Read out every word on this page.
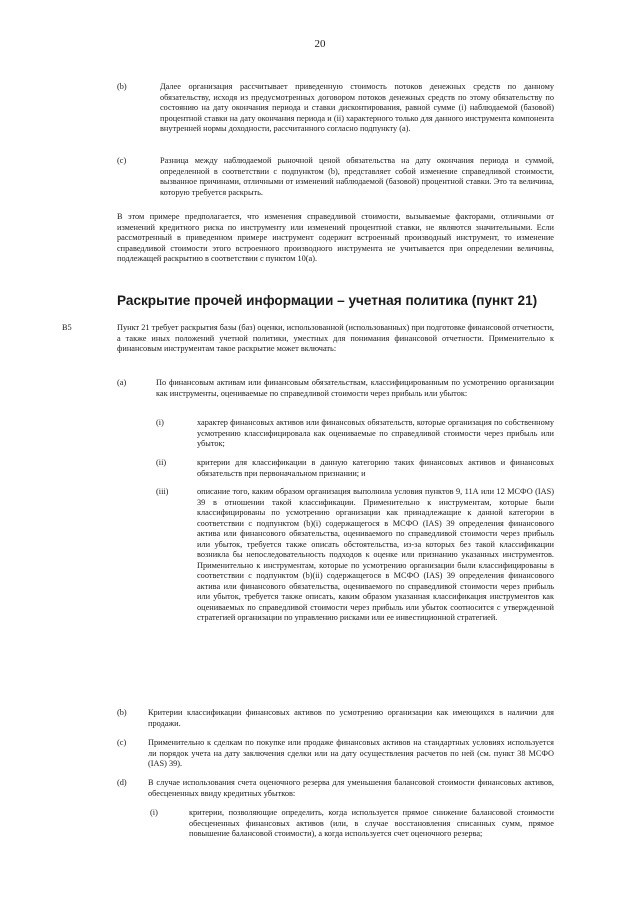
20
(b)	Далее организация рассчитывает приведенную стоимость потоков денежных средств по данному обязательству, исходя из предусмотренных договором потоков денежных средств по этому обязательству по состоянию на дату окончания периода и ставки дисконтирования, равной сумме (i) наблюдаемой (базовой) процентной ставки на дату окончания периода и (ii) характерного только для данного инструмента компонента внутренней нормы доходности, рассчитанного согласно подпункту (a).
(c)	Разница между наблюдаемой рыночной ценой обязательства на дату окончания периода и суммой, определенной в соответствии с подпунктом (b), представляет собой изменение справедливой стоимости, вызванное причинами, отличными от изменений наблюдаемой (базовой) процентной ставки. Это та величина, которую требуется раскрыть.
В этом примере предполагается, что изменения справедливой стоимости, вызываемые факторами, отличными от изменений кредитного риска по инструменту или изменений процентной ставки, не являются значительными. Если рассмотренный в приведенном примере инструмент содержит встроенный производный инструмент, то изменение справедливой стоимости этого встроенного производного инструмента не учитывается при определении величины, подлежащей раскрытию в соответствии с пунктом 10(a).
Раскрытие прочей информации – учетная политика (пункт 21)
B5	Пункт 21 требует раскрытия базы (баз) оценки, использованной (использованных) при подготовке финансовой отчетности, а также иных положений учетной политики, уместных для понимания финансовой отчетности. Применительно к финансовым инструментам такое раскрытие может включать:
(a)	По финансовым активам или финансовым обязательствам, классифицированным по усмотрению организации как инструменты, оцениваемые по справедливой стоимости через прибыль или убыток:
(i)	характер финансовых активов или финансовых обязательств, которые организация по собственному усмотрению классифицировала как оцениваемые по справедливой стоимости через прибыль или убыток;
(ii)	критерии для классификации в данную категорию таких финансовых активов и финансовых обязательств при первоначальном признании; и
(iii)	описание того, каким образом организация выполнила условия пунктов 9, 11А или 12 МСФО (IAS) 39 в отношении такой классификации. Применительно к инструментам, которые были классифицированы по усмотрению организации как принадлежащие к данной категории в соответствии с подпунктом (b)(i) содержащегося в МСФО (IAS) 39 определения финансового актива или финансового обязательства, оцениваемого по справедливой стоимости через прибыль или убыток, требуется также описать обстоятельства, из-за которых без такой классификации возникла бы непоследовательность подходов к оценке или признанию указанных инструментов. Применительно к инструментам, которые по усмотрению организации были классифицированы в соответствии с подпунктом (b)(ii) содержащегося в МСФО (IAS) 39 определения финансового актива или финансового обязательства, оцениваемого по справедливой стоимости через прибыль или убыток, требуется также описать, каким образом указанная классификация инструментов как оцениваемых по справедливой стоимости через прибыль или убыток соотносится с утвержденной стратегией организации по управлению рисками или ее инвестиционной стратегией.
(b)	Критерии классификации финансовых активов по усмотрению организации как имеющихся в наличии для продажи.
(c)	Применительно к сделкам по покупке или продаже финансовых активов на стандартных условиях используется ли порядок учета на дату заключения сделки или на дату осуществления расчетов по ней (см. пункт 38 МСФО (IAS) 39).
(d)	В случае использования счета оценочного резерва для уменьшения балансовой стоимости финансовых активов, обесцененных ввиду кредитных убытков:
(i)	критерии, позволяющие определить, когда используется прямое снижение балансовой стоимости обесцененных финансовых активов (или, в случае восстановления списанных сумм, прямое повышение балансовой стоимости), а когда используется счет оценочного резерва;
